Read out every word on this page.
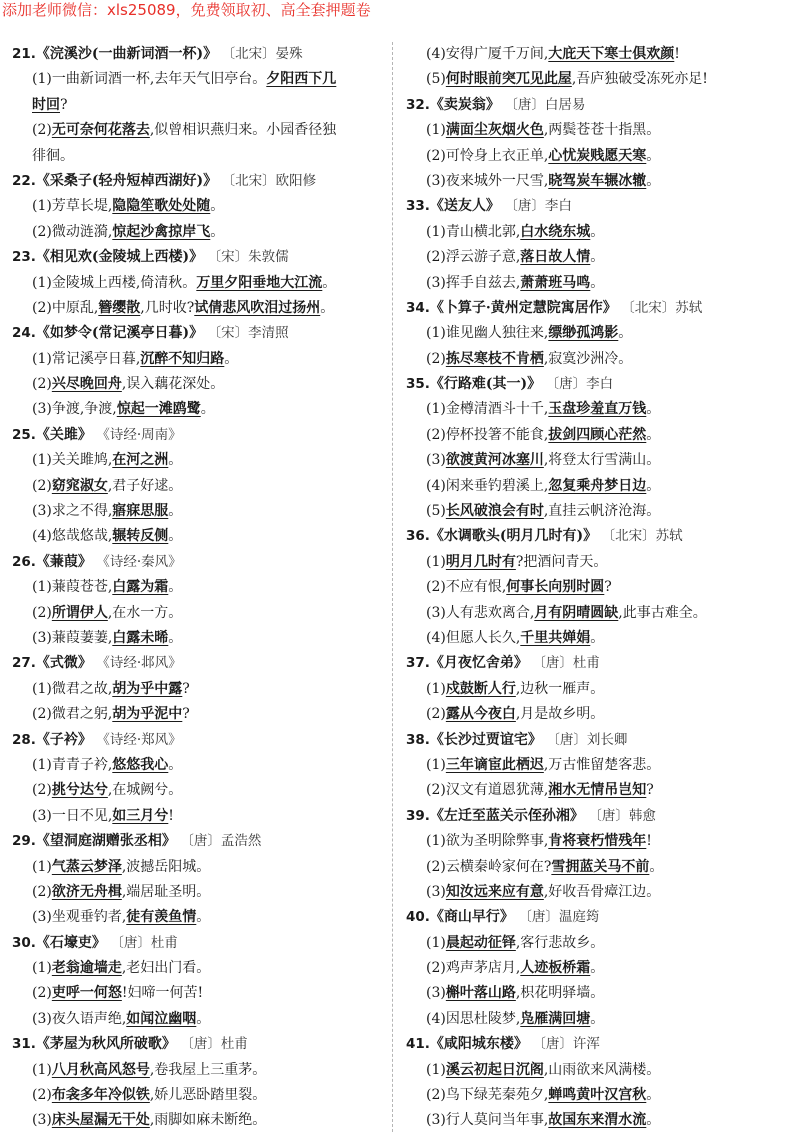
添加老师微信：xls25089，免费领取初、高全套押题卷
21.《浣溪沙(一曲新词酒一杯)》 〔北宋〕晏殊
(1)一曲新词酒一杯,去年天气旧亭台。夕阳西下几
时回?
(2)无可奈何花落去,似曾相识燕归来。小园香径独
徘徊。
22.《采桑子(轻舟短棹西湖好)》 〔北宋〕欧阳修
(1)芳草长堤,隐隐笙歌处处随。
(2)微动涟漪,惊起沙禽掠岸飞。
23.《相见欢(金陵城上西楼)》 〔宋〕朱敦儒
(1)金陵城上西楼,倚清秋。万里夕阳垂地大江流。
(2)中原乱,簪缨散,几时收?试倩悲风吹泪过扬州。
24.《如梦令(常记溪亭日暮)》 〔宋〕李清照
(1)常记溪亭日暮,沉醉不知归路。
(2)兴尽晚回舟,误入藕花深处。
(3)争渡,争渡,惊起一滩鸥鹭。
25.《关雎》 《诗经·周南》
(1)关关雎鸠,在河之洲。
(2)窈窕淑女,君子好逑。
(3)求之不得,寤寐思服。
(4)悠哉悠哉,辗转反侧。
26.《蒹葭》 《诗经·秦风》
(1)蒹葭苍苍,白露为霜。
(2)所谓伊人,在水一方。
(3)蒹葭萋萋,白露未晞。
27.《式微》 《诗经·邶风》
(1)微君之故,胡为乎中露?
(2)微君之躬,胡为乎泥中?
28.《子衿》 《诗经·郑风》
(1)青青子衿,悠悠我心。
(2)挑兮达兮,在城阙兮。
(3)一日不见,如三月兮!
29.《望洞庭湖赠张丞相》 〔唐〕孟浩然
(1)气蒸云梦泽,波撼岳阳城。
(2)欲济无舟楫,端居耻圣明。
(3)坐观垂钓者,徒有羡鱼情。
30.《石壕吏》 〔唐〕杜甫
(1)老翁逾墙走,老妇出门看。
(2)吏呼一何怒!妇啼一何苦!
(3)夜久语声绝,如闻泣幽咽。
31.《茅屋为秋风所破歌》 〔唐〕杜甫
(1)八月秋高风怒号,卷我屋上三重茅。
(2)布衾多年冷似铁,娇儿恶卧踏里裂。
(3)床头屋漏无干处,雨脚如麻未断绝。
(4)安得广厦千万间,大庇天下寒士俱欢颜!
(5)何时眼前突兀见此屋,吾庐独破受冻死亦足!
32.《卖炭翁》 〔唐〕白居易
(1)满面尘灰烟火色,两鬓苍苍十指黑。
(2)可怜身上衣正单,心忧炭贱愿天寒。
(3)夜来城外一尺雪,晓驾炭车辗冰辙。
33.《送友人》 〔唐〕李白
(1)青山横北郭,白水绕东城。
(2)浮云游子意,落日故人情。
(3)挥手自兹去,萧萧班马鸣。
34.《卜算子·黄州定慧院寓居作》 〔北宋〕苏轼
(1)谁见幽人独往来,缥缈孤鸿影。
(2)拣尽寒枝不肯栖,寂寞沙洲冷。
35.《行路难(其一)》 〔唐〕李白
(1)金樽清酒斗十千,玉盘珍羞直万钱。
(2)停杯投箸不能食,拔剑四顾心茫然。
(3)欲渡黄河冰塞川,将登太行雪满山。
(4)闲来垂钓碧溪上,忽复乘舟梦日边。
(5)长风破浪会有时,直挂云帆济沧海。
36.《水调歌头(明月几时有)》 〔北宋〕苏轼
(1)明月几时有?把酒问青天。
(2)不应有恨,何事长向别时圆?
(3)人有悲欢离合,月有阴晴圆缺,此事古难全。
(4)但愿人长久,千里共婵娟。
37.《月夜忆舍弟》 〔唐〕杜甫
(1)戍鼓断人行,边秋一雁声。
(2)露从今夜白,月是故乡明。
38.《长沙过贾谊宅》 〔唐〕刘长卿
(1)三年谪宦此栖迟,万古惟留楚客悲。
(2)汉文有道恩犹薄,湘水无情吊岂知?
39.《左迁至蓝关示侄孙湘》 〔唐〕韩愈
(1)欲为圣明除弊事,肯将衰朽惜残年!
(2)云横秦岭家何在?雪拥蓝关马不前。
(3)知汝远来应有意,好收吾骨瘴江边。
40.《商山早行》 〔唐〕温庭筠
(1)晨起动征铎,客行悲故乡。
(2)鸡声茅店月,人迹板桥霜。
(3)槲叶落山路,枳花明驿墙。
(4)因思杜陵梦,凫雁满回塘。
41.《咸阳城东楼》 〔唐〕许浑
(1)溪云初起日沉阁,山雨欲来风满楼。
(2)鸟下绿芜秦苑夕,蝉鸣黄叶汉宫秋。
(3)行人莫问当年事,故国东来渭水流。
